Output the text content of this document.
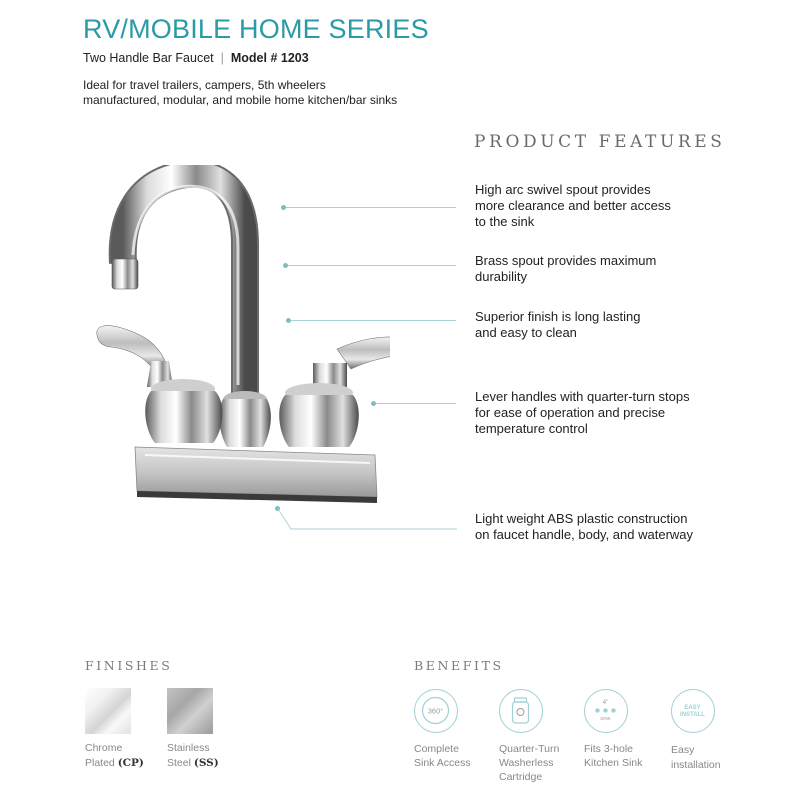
RV/MOBILE HOME SERIES
Two Handle Bar Faucet | Model # 1203
Ideal for travel trailers, campers, 5th wheelers
manufactured, modular, and mobile home kitchen/bar sinks
PRODUCT FEATURES
High arc swivel spout provides
more clearance and better access
to the sink
Brass spout provides maximum
durability
Superior finish is long lasting
and easy to clean
Lever handles with quarter-turn stops
for ease of operation and precise
temperature control
Light weight ABS plastic construction
on faucet handle, body, and waterway
FINISHES
Chrome
Plated (CP)
Stainless
Steel (SS)
BENEFITS
360°
Complete
Sink Access
Quarter-Turn
Washerless
Cartridge
4"
SINK
Fits 3-hole
Kitchen Sink
EASY
INSTALL
Easy
installation
